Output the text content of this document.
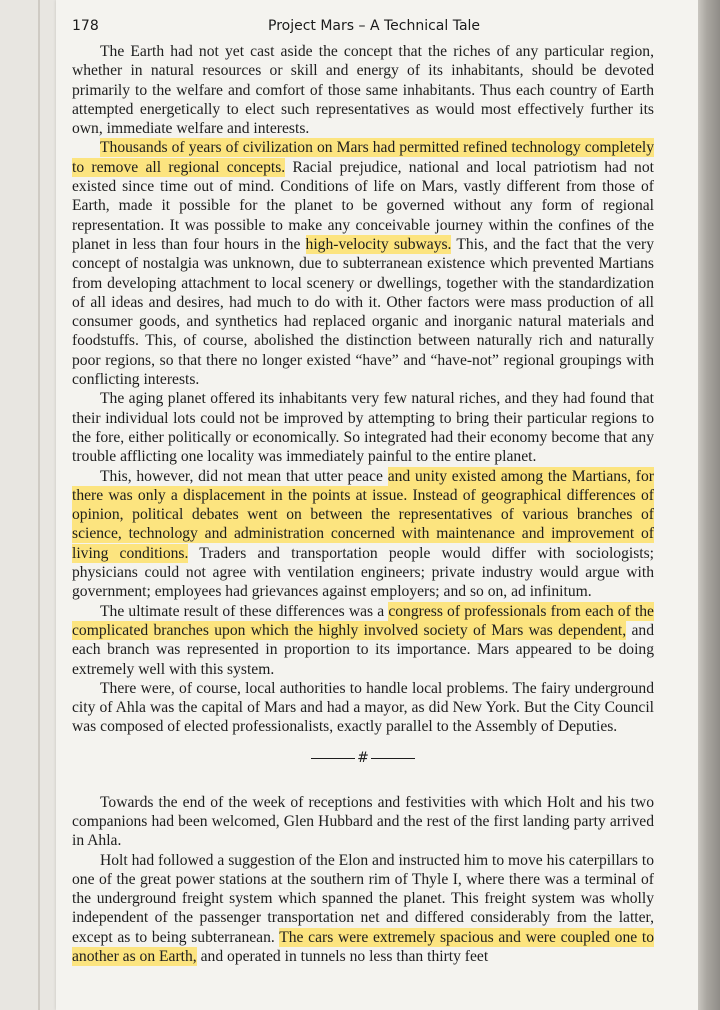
178	Project Mars – A Technical Tale

The Earth had not yet cast aside the concept that the riches of any particular region, whether in natural resources or skill and energy of its inhabitants, should be devoted primarily to the welfare and comfort of those same inhabitants. Thus each country of Earth attempted energetically to elect such representatives as would most effectively further its own, immediate welfare and interests.

Thousands of years of civilization on Mars had permitted refined technology completely to remove all regional concepts. Racial prejudice, national and local patriotism had not existed since time out of mind. Conditions of life on Mars, vastly different from those of Earth, made it possible for the planet to be governed without any form of regional representation. It was possible to make any conceivable journey within the confines of the planet in less than four hours in the high-velocity subways. This, and the fact that the very concept of nostalgia was unknown, due to subterranean existence which prevented Martians from developing attachment to local scenery or dwellings, together with the standardization of all ideas and desires, had much to do with it. Other factors were mass production of all consumer goods, and synthetics had replaced organic and inorganic natural materials and foodstuffs. This, of course, abolished the distinction between naturally rich and naturally poor regions, so that there no longer existed “have” and “have-not” regional groupings with conflicting interests.

The aging planet offered its inhabitants very few natural riches, and they had found that their individual lots could not be improved by attempting to bring their particular regions to the fore, either politically or economically. So integrated had their economy become that any trouble afflicting one locality was immediately painful to the entire planet.

This, however, did not mean that utter peace and unity existed among the Martians, for there was only a displacement in the points at issue. Instead of geographical differences of opinion, political debates went on between the representatives of various branches of science, technology and administration concerned with maintenance and improvement of living conditions. Traders and transportation people would differ with sociologists; physicians could not agree with ventilation engineers; private industry would argue with government; employees had grievances against employers; and so on, ad infinitum.

The ultimate result of these differences was a congress of professionals from each of the complicated branches upon which the highly involved society of Mars was dependent, and each branch was represented in proportion to its importance. Mars appeared to be doing extremely well with this system.

There were, of course, local authorities to handle local problems. The fairy underground city of Ahla was the capital of Mars and had a mayor, as did New York. But the City Council was composed of elected professionalists, exactly parallel to the Assembly of Deputies.

#

Towards the end of the week of receptions and festivities with which Holt and his two companions had been welcomed, Glen Hubbard and the rest of the first landing party arrived in Ahla.

Holt had followed a suggestion of the Elon and instructed him to move his caterpillars to one of the great power stations at the southern rim of Thyle I, where there was a terminal of the underground freight system which spanned the planet. This freight system was wholly independent of the passenger transportation net and differed considerably from the latter, except as to being subterranean. The cars were extremely spacious and were coupled one to another as on Earth, and operated in tunnels no less than thirty feet
